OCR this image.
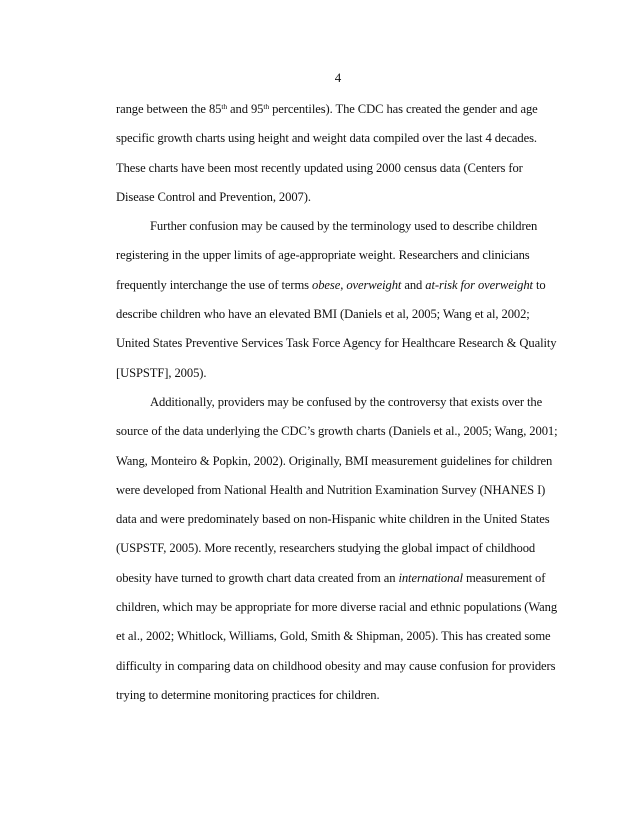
4
range between the 85th and 95th percentiles). The CDC has created the gender and age
specific growth charts using height and weight data compiled over the last 4 decades.
These charts have been most recently updated using 2000 census data (Centers for
Disease Control and Prevention, 2007).
Further confusion may be caused by the terminology used to describe children
registering in the upper limits of age-appropriate weight. Researchers and clinicians
frequently interchange the use of terms obese, overweight and at-risk for overweight to
describe children who have an elevated BMI (Daniels et al, 2005; Wang et al, 2002;
United States Preventive Services Task Force Agency for Healthcare Research & Quality
[USPSTF], 2005).
Additionally, providers may be confused by the controversy that exists over the
source of the data underlying the CDC’s growth charts (Daniels et al., 2005; Wang, 2001;
Wang, Monteiro & Popkin, 2002). Originally, BMI measurement guidelines for children
were developed from National Health and Nutrition Examination Survey (NHANES I)
data and were predominately based on non-Hispanic white children in the United States
(USPSTF, 2005). More recently, researchers studying the global impact of childhood
obesity have turned to growth chart data created from an international measurement of
children, which may be appropriate for more diverse racial and ethnic populations (Wang
et al., 2002; Whitlock, Williams, Gold, Smith & Shipman, 2005). This has created some
difficulty in comparing data on childhood obesity and may cause confusion for providers
trying to determine monitoring practices for children.
